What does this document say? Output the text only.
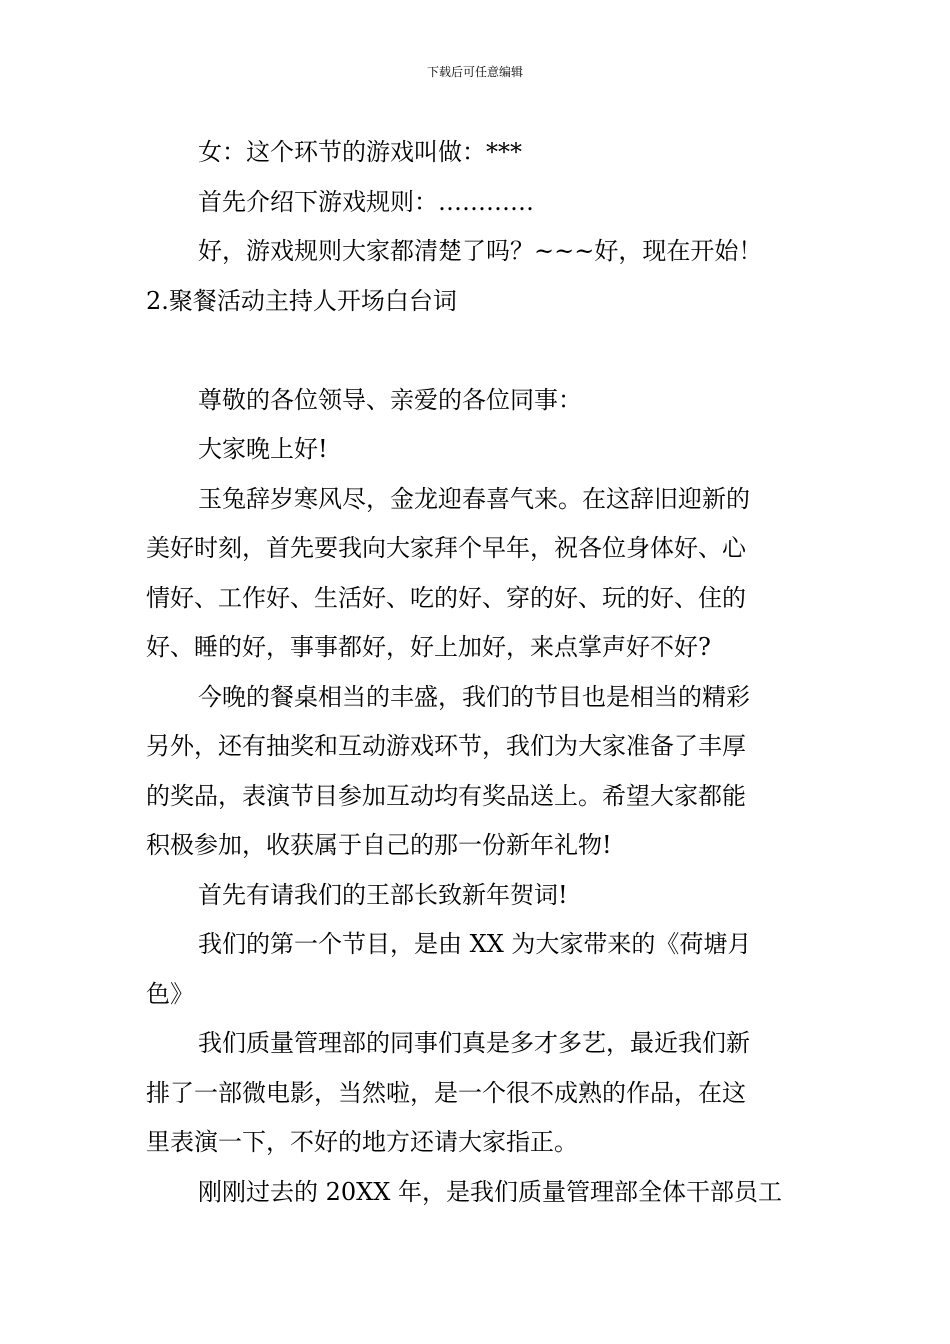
下载后可任意编辑

女：这个环节的游戏叫做：***

首先介绍下游戏规则：…………

好，游戏规则大家都清楚了吗？~~~好，现在开始！

2.聚餐活动主持人开场白台词

尊敬的各位领导、亲爱的各位同事：

大家晚上好!

玉兔辞岁寒风尽，金龙迎春喜气来。在这辞旧迎新的

美好时刻，首先要我向大家拜个早年，祝各位身体好、心

情好、工作好、生活好、吃的好、穿的好、玩的好、住的

好、睡的好，事事都好，好上加好，来点掌声好不好?

今晚的餐桌相当的丰盛，我们的节目也是相当的精彩

另外，还有抽奖和互动游戏环节，我们为大家准备了丰厚

的奖品，表演节目参加互动均有奖品送上。希望大家都能

积极参加，收获属于自己的那一份新年礼物!

首先有请我们的王部长致新年贺词!

我们的第一个节目，是由 XX 为大家带来的《荷塘月

色》

我们质量管理部的同事们真是多才多艺，最近我们新

排了一部微电影，当然啦，是一个很不成熟的作品，在这

里表演一下，不好的地方还请大家指正。

刚刚过去的 20XX 年，是我们质量管理部全体干部员工
